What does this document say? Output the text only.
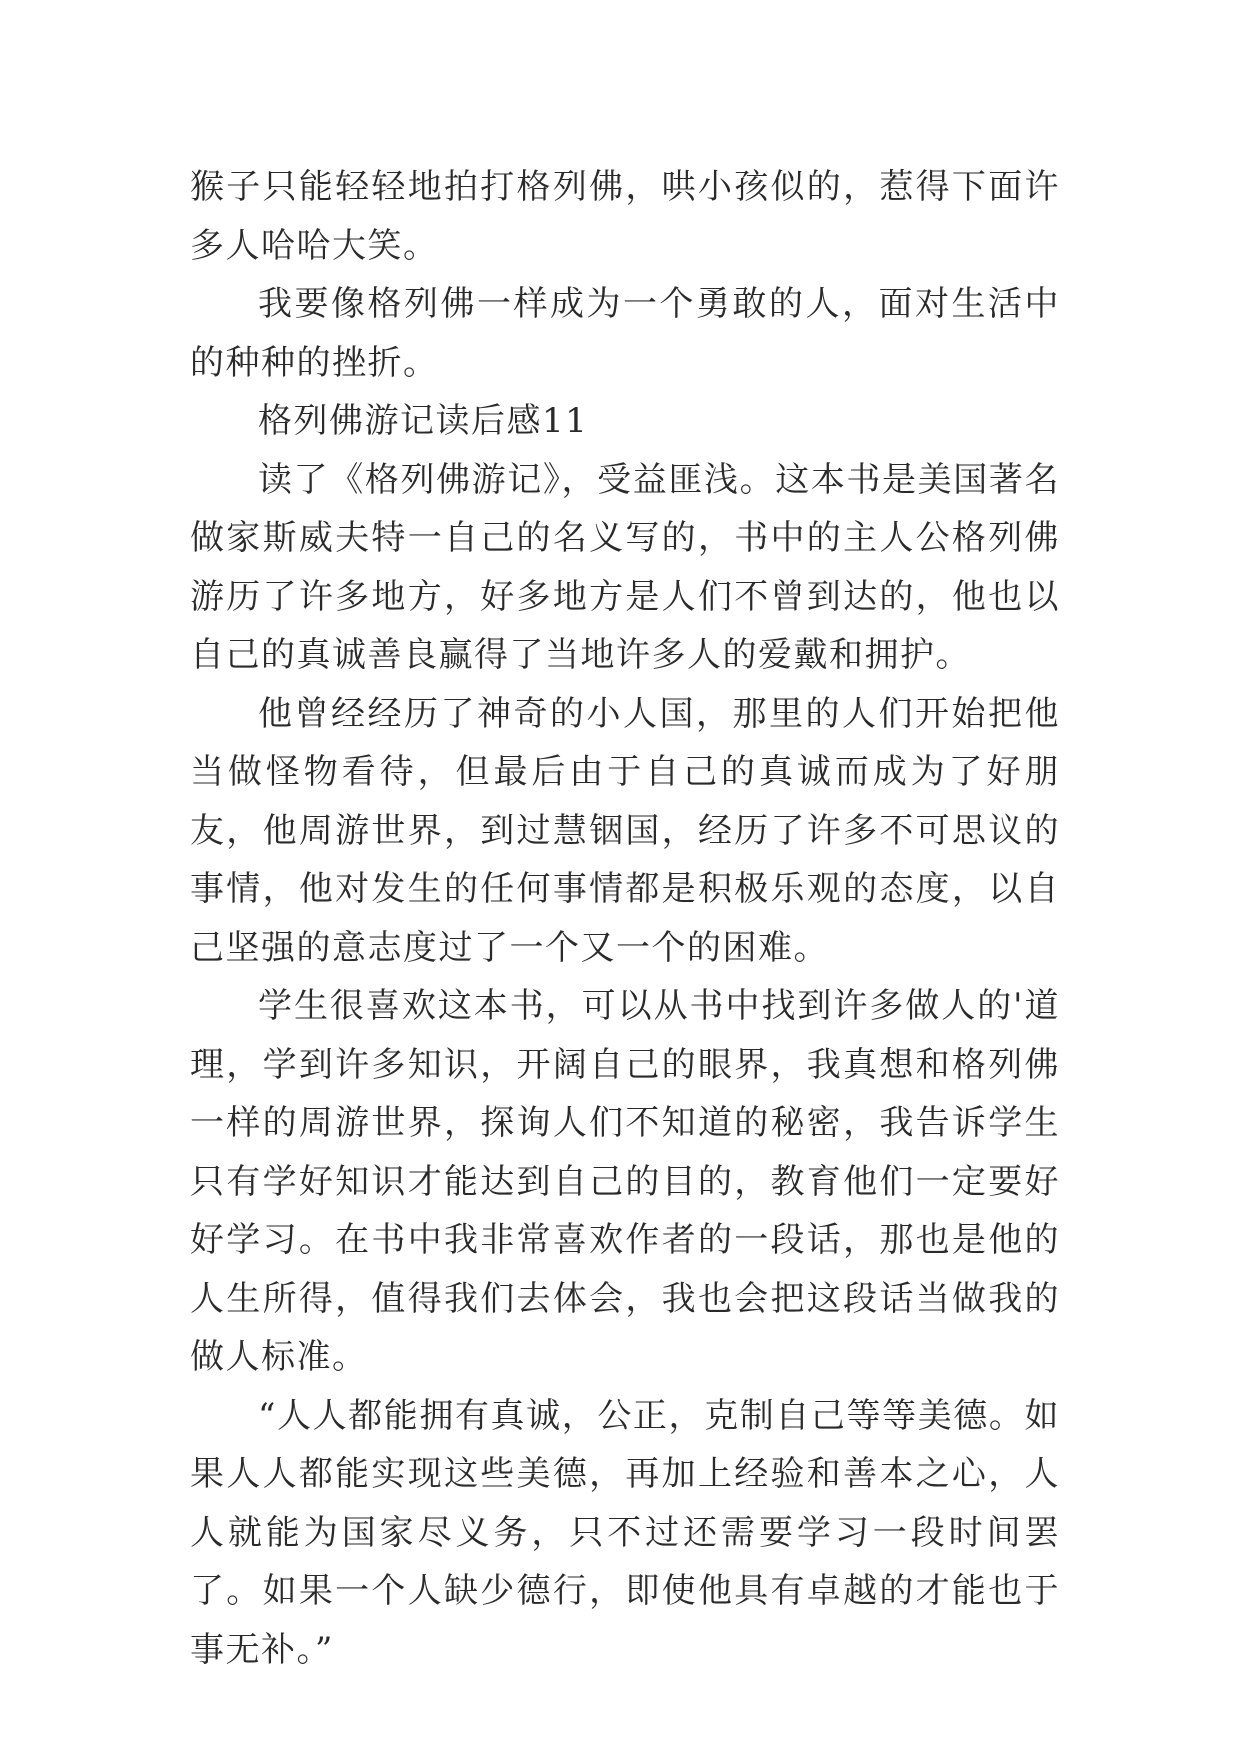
猴子只能轻轻地拍打格列佛，哄小孩似的，惹得下面许多人哈哈大笑。

我要像格列佛一样成为一个勇敢的人，面对生活中的种种的挫折。

格列佛游记读后感11

读了《格列佛游记》，受益匪浅。这本书是美国著名做家斯威夫特一自己的名义写的，书中的主人公格列佛游历了许多地方，好多地方是人们不曾到达的，他也以自己的真诚善良赢得了当地许多人的爱戴和拥护。

他曾经经历了神奇的小人国，那里的人们开始把他当做怪物看待，但最后由于自己的真诚而成为了好朋友，他周游世界，到过慧铟国，经历了许多不可思议的事情，他对发生的任何事情都是积极乐观的态度，以自己坚强的意志度过了一个又一个的困难。

学生很喜欢这本书，可以从书中找到许多做人的'道理，学到许多知识，开阔自己的眼界，我真想和格列佛一样的周游世界，探询人们不知道的秘密，我告诉学生只有学好知识才能达到自己的目的，教育他们一定要好好学习。在书中我非常喜欢作者的一段话，那也是他的人生所得，值得我们去体会，我也会把这段话当做我的做人标准。

“人人都能拥有真诚，公正，克制自己等等美德。如果人人都能实现这些美德，再加上经验和善本之心，人人就能为国家尽义务，只不过还需要学习一段时间罢了。如果一个人缺少德行，即使他具有卓越的才能也于事无补。”
